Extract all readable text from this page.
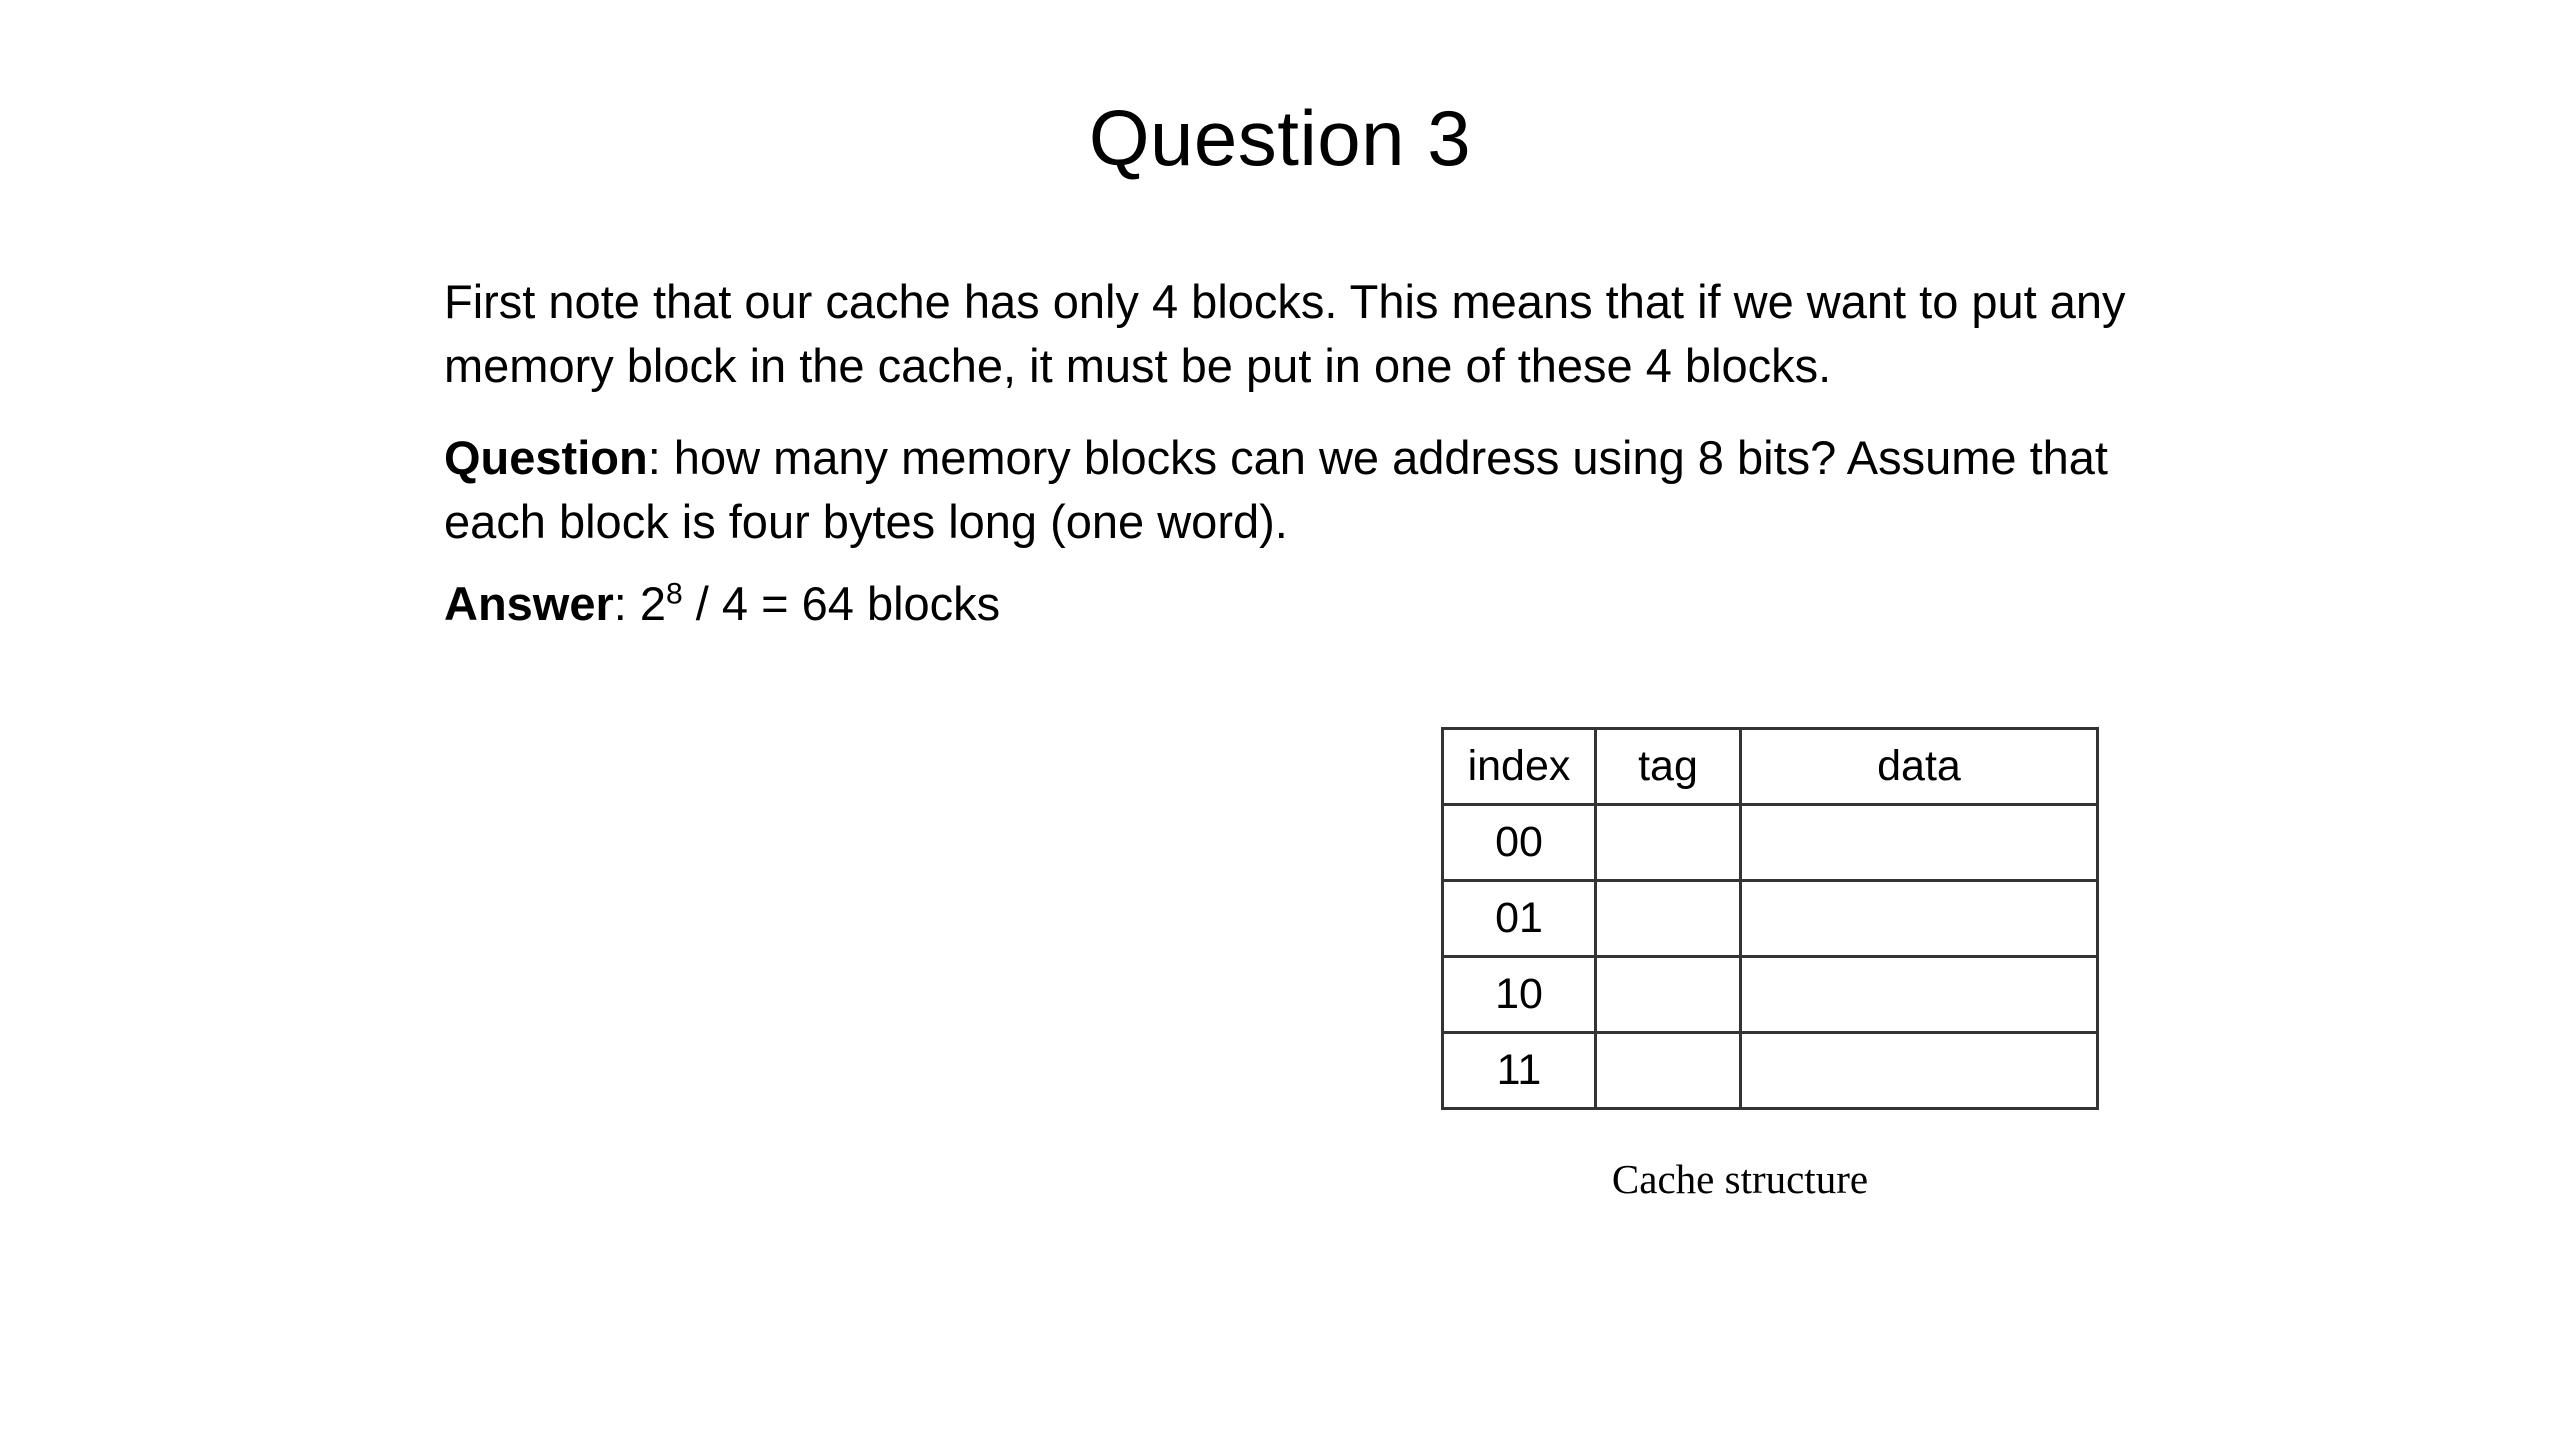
Question 3

First note that our cache has only 4 blocks. This means that if we want to put any memory block in the cache, it must be put in one of these 4 blocks.

Question: how many memory blocks can we address using 8 bits? Assume that each block is four bytes long (one word).

Answer: $2^8 / 4 = 64$ blocks

index	tag	data
00		
01		
10		
11		
Cache structure
